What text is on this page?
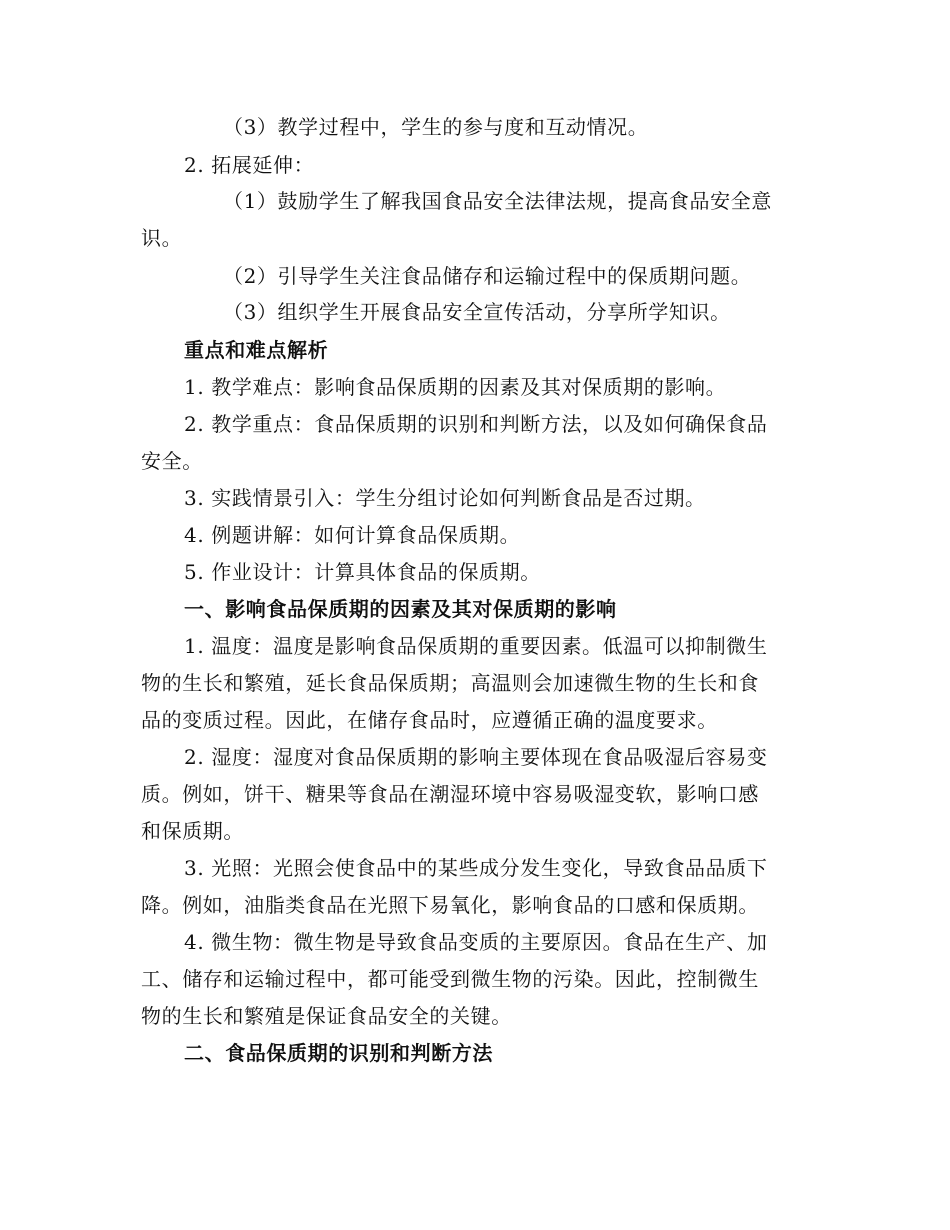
（3）教学过程中，学生的参与度和互动情况。
2. 拓展延伸：
（1）鼓励学生了解我国食品安全法律法规，提高食品安全意
识。
（2）引导学生关注食品储存和运输过程中的保质期问题。
（3）组织学生开展食品安全宣传活动，分享所学知识。
重点和难点解析
1. 教学难点：影响食品保质期的因素及其对保质期的影响。
2. 教学重点：食品保质期的识别和判断方法，以及如何确保食品
安全。
3. 实践情景引入：学生分组讨论如何判断食品是否过期。
4. 例题讲解：如何计算食品保质期。
5. 作业设计：计算具体食品的保质期。
一、影响食品保质期的因素及其对保质期的影响
1. 温度：温度是影响食品保质期的重要因素。低温可以抑制微生
物的生长和繁殖，延长食品保质期；高温则会加速微生物的生长和食
品的变质过程。因此，在储存食品时，应遵循正确的温度要求。
2. 湿度：湿度对食品保质期的影响主要体现在食品吸湿后容易变
质。例如，饼干、糖果等食品在潮湿环境中容易吸湿变软，影响口感
和保质期。
3. 光照：光照会使食品中的某些成分发生变化，导致食品品质下
降。例如，油脂类食品在光照下易氧化，影响食品的口感和保质期。
4. 微生物：微生物是导致食品变质的主要原因。食品在生产、加
工、储存和运输过程中，都可能受到微生物的污染。因此，控制微生
物的生长和繁殖是保证食品安全的关键。
二、食品保质期的识别和判断方法
